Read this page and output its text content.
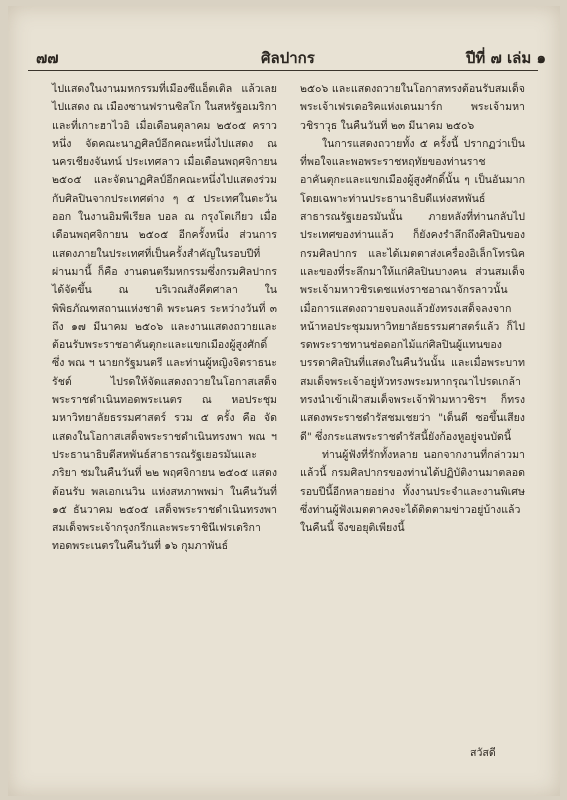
๗๗	ศิลปากร	ปีที่ ๗ เล่ม ๑

ไปแสดงในงานมหกรรมที่เมืองซีแอ็ตเติล แล้วเลยไปแสดง ณ เมืองซานฟรานซิสโก ในสหรัฐอเมริกาและที่เกาะฮาไวอิ เมื่อเดือนตุลาคม ๒๕๐๕ คราวหนึ่ง จัดคณะนาฏศิลป์อีกคณะหนึ่งไปแสดง ณ นครเชียงจันทน์ ประเทศลาว เมื่อเดือนพฤศจิกายน ๒๕๐๕ และจัดนาฏศิลป์อีกคณะหนึ่งไปแสดงร่วมกับศิลปินจากประเทศต่าง ๆ ๕ ประเทศในตะวันออก ในงานอิมพีเรียล บอล ณ กรุงโตเกียว เมื่อเดือนพฤศจิกายน ๒๕๐๕ อีกครั้งหนึ่ง ส่วนการแสดงภายในประเทศที่เป็นครั้งสำคัญในรอบปีที่ผ่านมานี้ ก็คือ งานดนตรีมหกรรมซึ่งกรมศิลปากรได้จัดขึ้น ณ บริเวณสังคีตศาลา ในพิพิธภัณฑสถานแห่งชาติ พระนคร ระหว่างวันที่ ๓ ถึง ๑๗ มีนาคม ๒๕๐๖ และงานแสดงถวายและต้อนรับพระราชอาคันตุกะและแขกเมืองผู้สูงศักดิ์ ซึ่ง พณ ฯ นายกรัฐมนตรี และท่านผู้หญิงจิตราธนะรัชต์ ไปรดให้จัดแสดงถวายในโอกาสเสด็จพระราชดำเนินทอดพระเนตร ณ หอประชุมมหาวิทยาลัยธรรมศาสตร์ รวม ๕ ครั้ง คือ จัดแสดงในโอกาสเสด็จพระราชดำเนินทรงพา พณ ฯ ประธานาธิบดีสหพันธ์สาธารณรัฐเยอรมันและภริยา ชมในคืนวันที่ ๒๒ พฤศจิกายน ๒๕๐๕ แสดงต้อนรับ พลเอกเนวิน แห่งสหภาพพม่า ในคืนวันที่ ๑๕ ธันวาคม ๒๕๐๕ เสด็จพระราชดำเนินทรงพาสมเด็จพระเจ้ากรุงกรีกและพระราชินีเฟรเดริกาทอดพระเนตรในคืนวันที่ ๑๖ กุมภาพันธ์

๒๕๐๖ และแสดงถวายในโอกาสทรงต้อนรับสมเด็จพระเจ้าเฟรเดอริคแห่งเดนมาร์ก พระเจ้ามหาวชิราวุธ ในคืนวันที่ ๒๓ มีนาคม ๒๕๐๖

ในการแสดงถวายทั้ง ๕ ครั้งนี้ ปรากฏว่าเป็นที่พอใจและพอพระราชหฤทัยของท่านราชอาคันตุกะและแขกเมืองผู้สูงศักดิ์นั้น ๆ เป็นอันมาก โดยเฉพาะท่านประธานาธิบดีแห่งสหพันธ์สาธารณรัฐเยอรมันนั้น ภายหลังที่ท่านกลับไปประเทศของท่านแล้ว ก็ยังคงรำลึกถึงศิลปินของกรมศิลปากร และได้เมตตาส่งเครื่องอิเล็กโทรนิคและของที่ระลึกมาให้แก่ศิลปินบางคน ส่วนสมเด็จพระเจ้ามหาวชิรเดชแห่งราชอาณาจักรลาวนั้น เมื่อการแสดงถวายจบลงแล้วยังทรงเสด็จลงจากหน้าหอประชุมมหาวิทยาลัยธรรมศาสตร์แล้ว ก็ไปรดพระราชทานช่อดอกไม้แก่ศิลปินผู้แทนของบรรดาศิลปินที่แสดงในคืนวันนั้น และเมื่อพระบาทสมเด็จพระเจ้าอยู่หัวทรงพระมหากรุณาไปรดเกล้าทรงนำเข้าเฝ้าสมเด็จพระเจ้าฟ้ามหาวชิรฯ ก็ทรงแสดงพระราชดำรัสชมเชยว่า "เด็นดี ซอขึ้นเสียงดี" ซึ่งกระแสพระราชดำรัสนี้ยังก้องหูอยู่จนบัดนี้

ท่านผู้ฟังที่รักทั้งหลาย นอกจากงานที่กล่าวมาแล้วนี้ กรมศิลปากรของท่านได้ปฏิบัติงานมาตลอดรอบปีนี้อีกหลายอย่าง ทั้งงานประจำและงานพิเศษ ซึ่งท่านผู้ฟังเมตตาคงจะได้ติดตามข่าวอยู่บ้างแล้วในคืนนี้ จึงขอยุติเพียงนี้

สวัสดี
